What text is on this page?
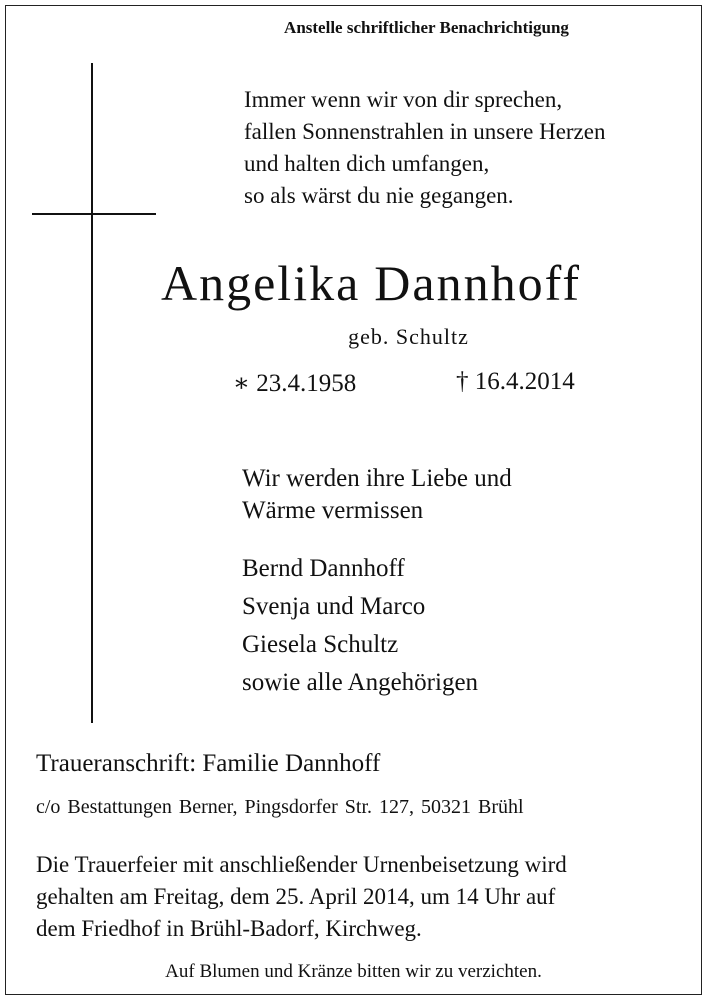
Anstelle schriftlicher Benachrichtigung
Immer wenn wir von dir sprechen,
fallen Sonnenstrahlen in unsere Herzen
und halten dich umfangen,
so als wärst du nie gegangen.
Angelika Dannhoff
geb. Schultz
∗ 23.4.1958	† 16.4.2014
Wir werden ihre Liebe und
Wärme vermissen
Bernd Dannhoff
Svenja und Marco
Giesela Schultz
sowie alle Angehörigen
Traueranschrift: Familie Dannhoff
c/o Bestattungen Berner, Pingsdorfer Str. 127, 50321 Brühl
Die Trauerfeier mit anschließender Urnenbeisetzung wird
gehalten am Freitag, dem 25. April 2014, um 14 Uhr auf
dem Friedhof in Brühl-Badorf, Kirchweg.
Auf Blumen und Kränze bitten wir zu verzichten.
